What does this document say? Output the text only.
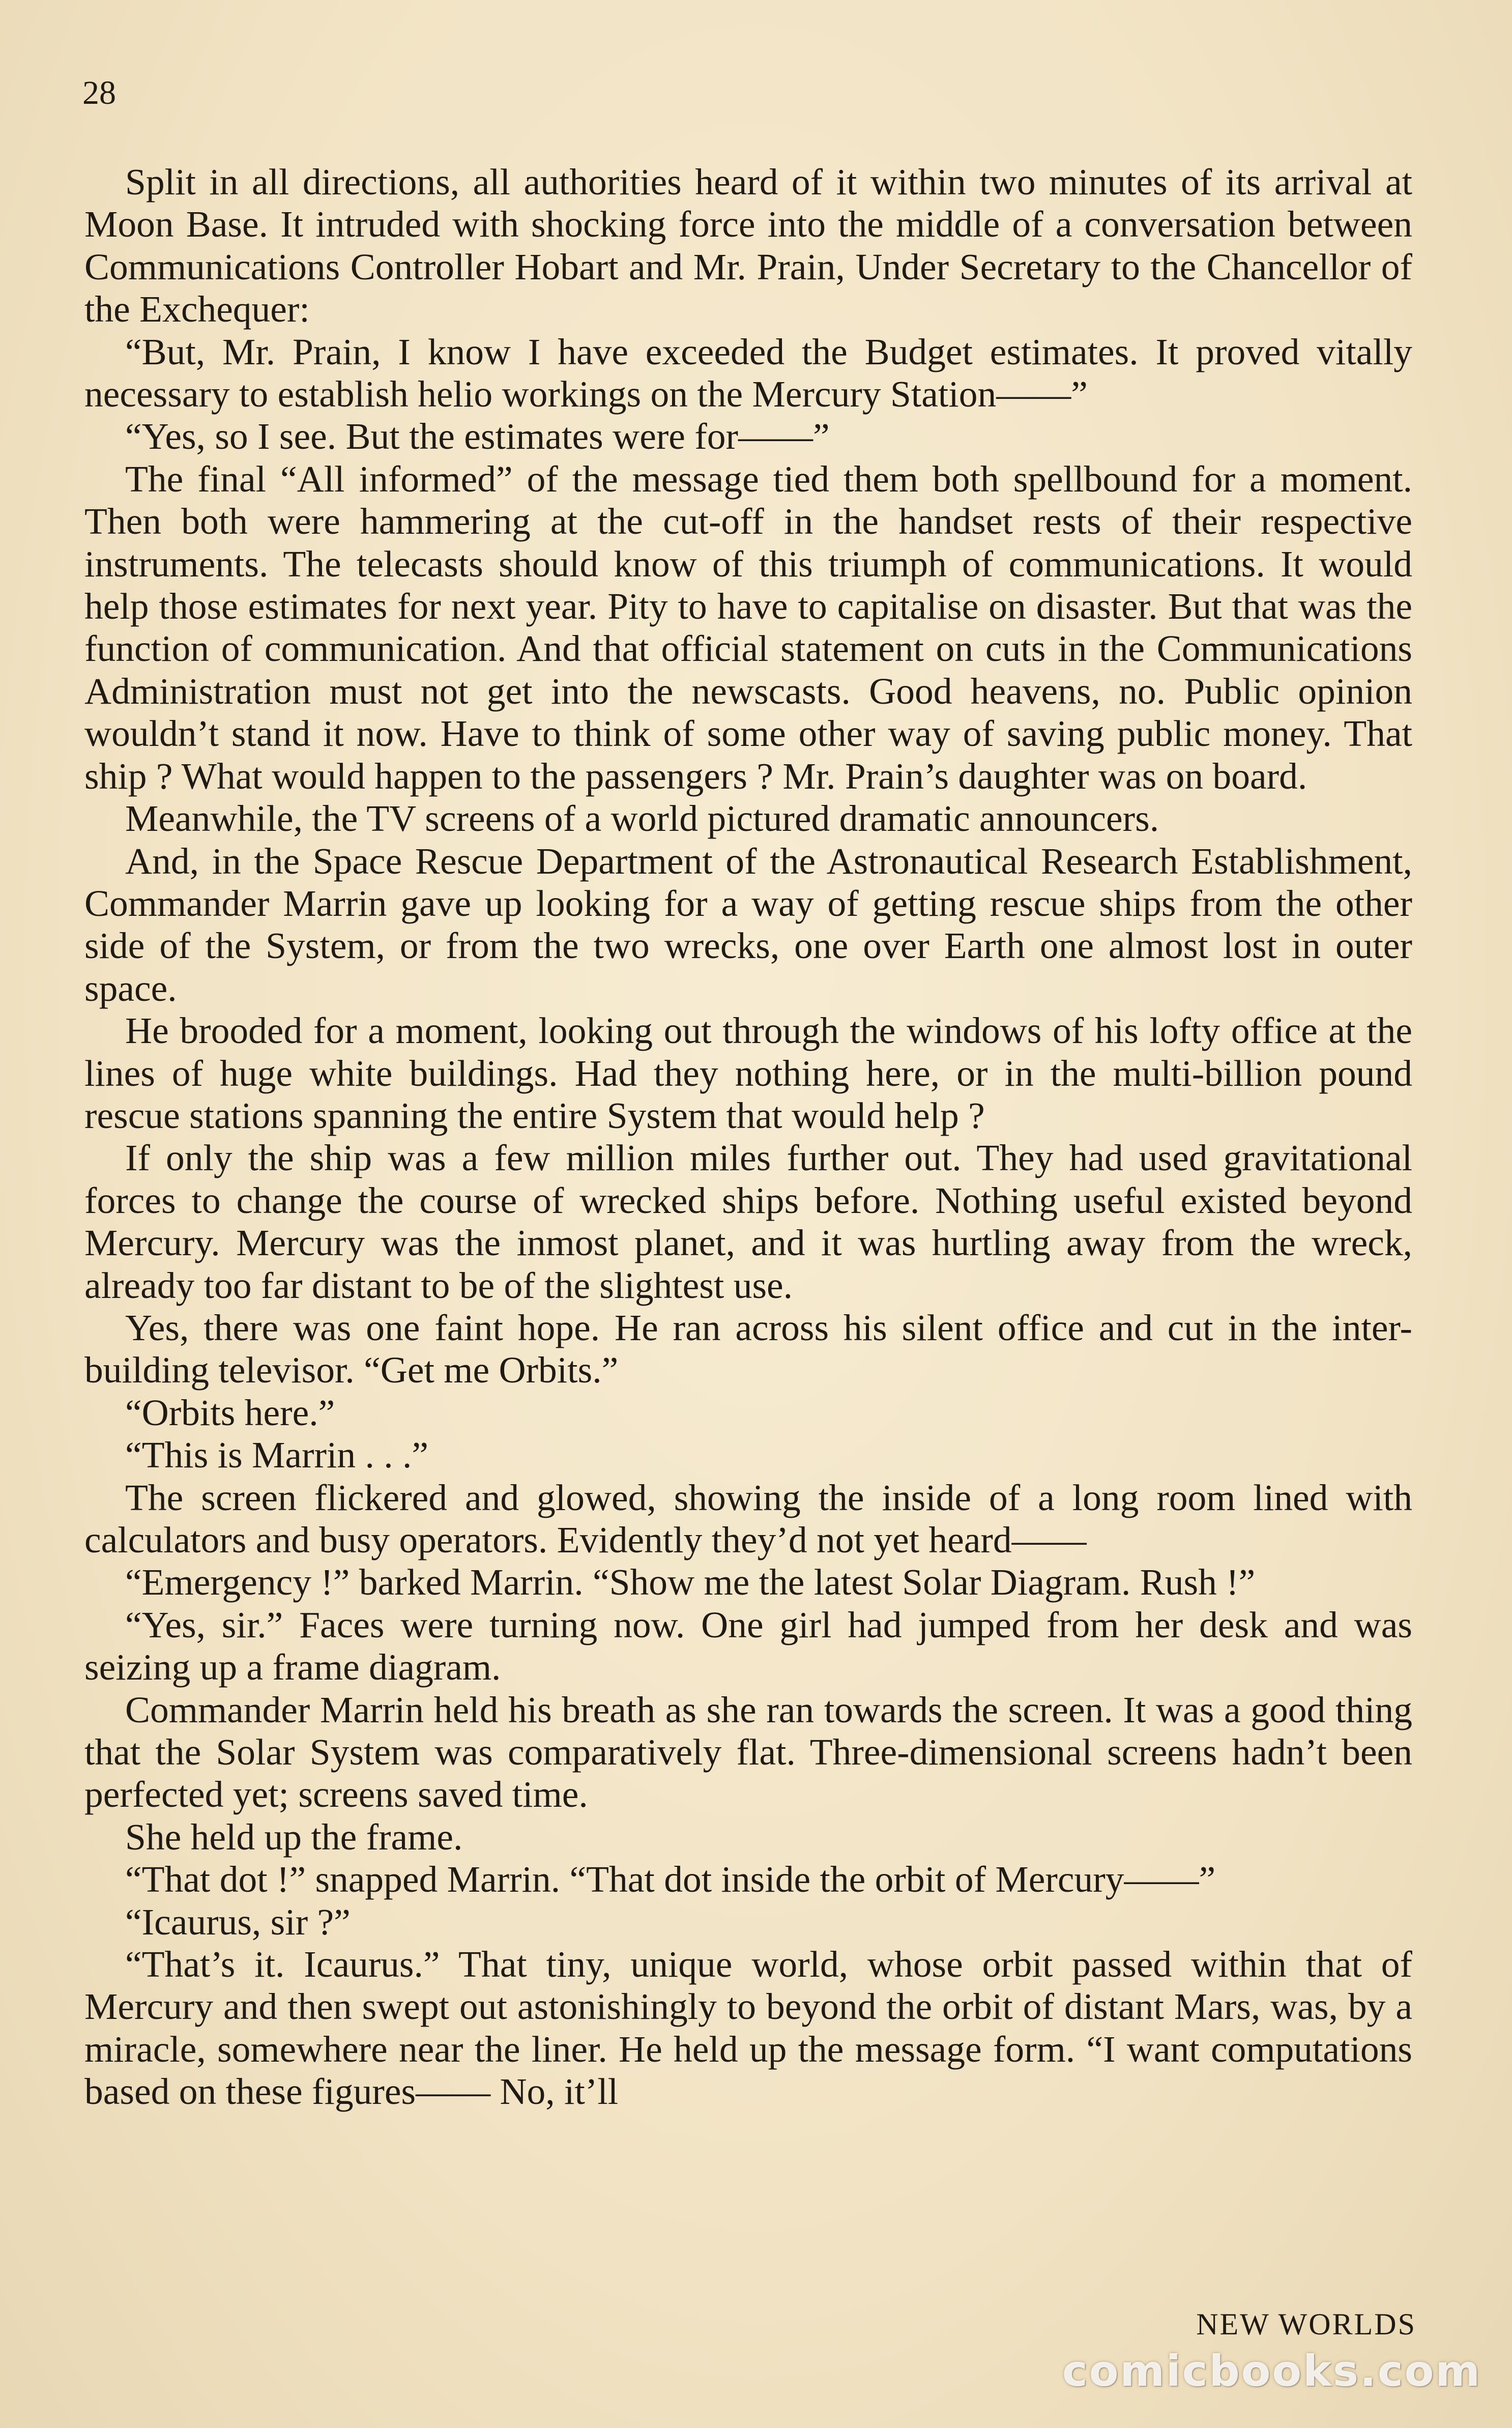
28

Split in all directions, all authorities heard of it within two minutes of its arrival at Moon Base. It intruded with shocking force into the middle of a conversation between Communications Controller Hobart and Mr. Prain, Under Secretary to the Chancellor of the Exchequer:

“But, Mr. Prain, I know I have exceeded the Budget estimates. It proved vitally necessary to establish helio workings on the Mercury Station——”

“Yes, so I see. But the estimates were for——”

The final “All informed” of the message tied them both spellbound for a moment. Then both were hammering at the cut-off in the handset rests of their respective instruments. The telecasts should know of this triumph of communications. It would help those estimates for next year. Pity to have to capitalise on disaster. But that was the function of communication. And that official statement on cuts in the Communications Administration must not get into the newscasts. Good heavens, no. Public opinion wouldn’t stand it now. Have to think of some other way of saving public money. That ship ? What would happen to the passengers ? Mr. Prain’s daughter was on board.

Meanwhile, the TV screens of a world pictured dramatic announcers.

And, in the Space Rescue Department of the Astronautical Research Establishment, Commander Marrin gave up looking for a way of getting rescue ships from the other side of the System, or from the two wrecks, one over Earth one almost lost in outer space.

He brooded for a moment, looking out through the windows of his lofty office at the lines of huge white buildings. Had they nothing here, or in the multi-billion pound rescue stations spanning the entire System that would help ?

If only the ship was a few million miles further out. They had used gravitational forces to change the course of wrecked ships before. Nothing useful existed beyond Mercury. Mercury was the inmost planet, and it was hurtling away from the wreck, already too far distant to be of the slightest use.

Yes, there was one faint hope. He ran across his silent office and cut in the inter-building televisor. “Get me Orbits.”

“Orbits here.”

“This is Marrin . . .”

The screen flickered and glowed, showing the inside of a long room lined with calculators and busy operators. Evidently they’d not yet heard——

“Emergency !” barked Marrin. “Show me the latest Solar Diagram. Rush !”

“Yes, sir.” Faces were turning now. One girl had jumped from her desk and was seizing up a frame diagram.

Commander Marrin held his breath as she ran towards the screen. It was a good thing that the Solar System was comparatively flat. Three-dimensional screens hadn’t been perfected yet; screens saved time.

She held up the frame.

“That dot !” snapped Marrin. “That dot inside the orbit of Mercury——”

“Icaurus, sir ?”

“That’s it. Icaurus.” That tiny, unique world, whose orbit passed within that of Mercury and then swept out astonishingly to beyond the orbit of distant Mars, was, by a miracle, somewhere near the liner. He held up the message form. “I want computations based on these figures—— No, it’ll

NEW WORLDS
comicbooks.com
